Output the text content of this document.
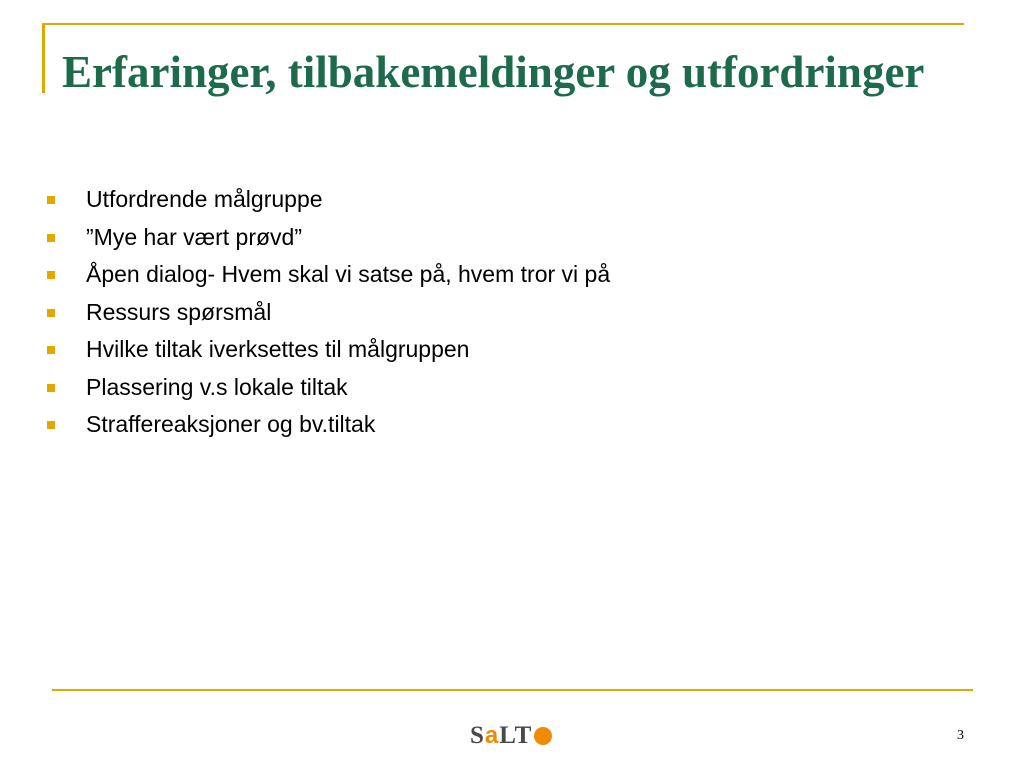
Erfaringer, tilbakemeldinger og utfordringer
Utfordrende målgruppe
”Mye har vært prøvd”
Åpen dialog- Hvem skal vi satse på, hvem tror vi på
Ressurs spørsmål
Hvilke tiltak iverksettes til målgruppen
Plassering v.s lokale tiltak
Straffereaksjoner og bv.tiltak
S a LT	3
